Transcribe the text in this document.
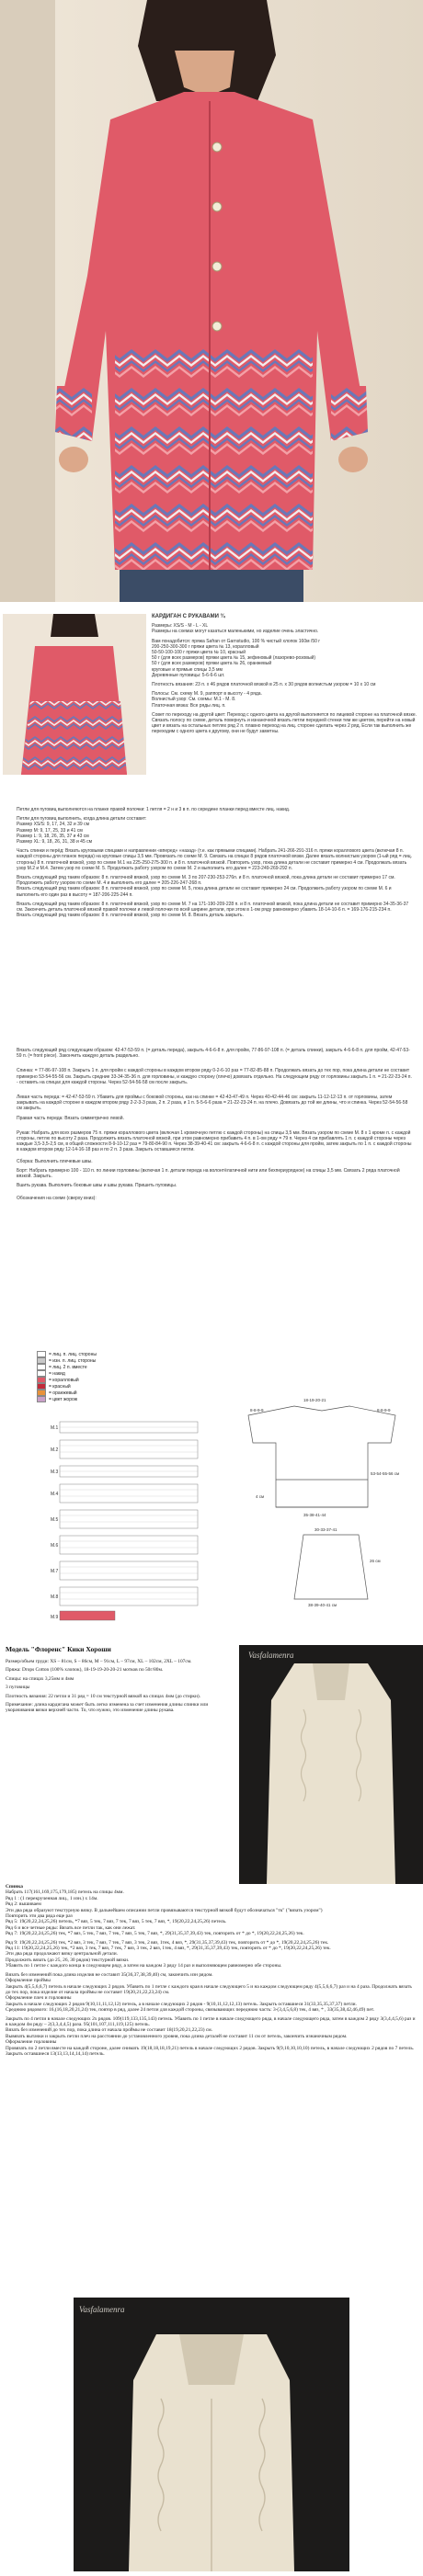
КАРДИГАН С РУКАВАМИ ¾
Размеры: XS/S - M - L - XL
Размеры на схемах могут казаться маленькими, но изделие очень эластично.
Вам понадобится: пряжа Safran от Garnstudio, 100 % чистый хлопок 160м /50 г
200-250-300-300 г пряжи цвета № 13, коралловый
50-50-100-100 г пряжи цвета № 10, красный
50 г (для всех размеров) пряжи цвета № 15, зефиновый (лазорево-розовый)
50 г (для всех размеров) пряжи цвета № 26, оранжевый
круговые и прямые спицы 3,5 мм
Деревянные пуговицы: 5-6-6-6 шт.
Плотность вязания: 23 п. x 46 рядов платочной вязкой в 25 п. x 30 рядов волнистым узором = 10 x 10 см
Полосы: См. схему М. 9, раппорт в высоту - 4 ряда.
Волнистый узор: См. схемы: M.1 - M. 8.
Платочная вязка: Все ряды лиц. п.
Совет по переходу на другой цвет: Переход с одного цвета на другой выполняется по лицевой стороне на платочной вязке. Связать полосу по схеме, деталь повернуть и изнаночной вязать петли передней стенки тем же цветом, перейти на новый цвет и вязать на остальных петлях ряд 2 п. плавно переход на лиц. стороне сделать через 2 ряд. Если так выполнить же переходим с одного цвета к другому, они не будут заметны.
Петли для пуговиц выполняются на планке правой полочки: 1 петля = 2 н и 3 в п. по середине планки перед вместе лиц. накид.
Петли для пуговиц выполнить, когда длина детали составит:
Размер XS/S: 9, 17, 24, 32 и 39 см
Размер M: 9, 17, 25, 33 и 41 см
Размер L: 9, 18, 26, 35, 37 и 43 см
Размер XL: 9, 18, 26, 31, 38 и 45 см
Часть спинки и перёд: Вязать круговыми спицами и направлении «вперед» «назад» (т.е. как прямыми спицами). Набрать 241-266-291-316 п. пряжи кораллового цвета (включая 8 п. каждой стороны для планок переда) на круговые спицы 3,5 мм. Провязать по схеме М. 9. Связать на спицах 8 рядов платочной вязки. Далее вязать волнистым узором (1-ый ряд = лиц. стороны) 8 п. платочной вязкой, узор по схеме М.1 на 225-250-275-300 п. и 8 п. платочной вязкой. Повторить узор, пока длина детали не составит примерно 4 см. Продолжать вязать узор М.2 и М.4. Затем узор по схеме М. 5. Продолжать работу узором по схеме М. 2 и выполнить его далее = 223-249-269-292 п.
Вязать следующий ряд таким образом: 8 п. платочной вязкой, узор по схеме М. 3 по 207-230-253-276п. и 8 п. платочной вязкой, пока длина детали не составит примерно 17 см. Продолжить работу узором по схеме М. 4 и выполнить его далее = 205-226-247-268 п.
Вязать следующий ряд таким образом: 8 п. платочной вязкой, узор по схеме М. 5, пока длина детали не составит примерно 24 см. Продолжить работу узором по схеме М. 6 и выполнить его один раз в высоту = 187-206-225-244 п.
Вязать следующий ряд таким образом: 8 п. платочной вязкой, узор по схеме М. 7 на 171-190-209-228 п. и 8 п. платочной вязкой, пока длина детали не составит примерно 34-35-36-37 см. Закончить деталь платочной вязкой правой полочки и левой полочки по всей ширине детали, при этом в 1-ом ряду равномерно убавить 18-14-10-6 п. = 169-176-215-234 п.
Вязать следующий ряд таким образом: 8 п. платочной вязкой, узор по схеме М. 8. Вязать деталь закрыть.
Вязать следующий ряд следующим образом: 42-47-53-59 п. (= деталь переда), закрыть 4-6-6-8 п. для пройм, 77-86-97-108 п. (= деталь спинки), закрыть 4-6-6-8 п. для пройм, 42-47-53-59 п. (= front piece). Закончить каждую деталь раздельно.
Спинка: = 77-86-97-108 п. Закрыть 1 п. для пройм с каждой стороны в каждом втором ряду 0-2-6-10 раз = 77-82-85-88 п. Продолжать вязать до тех пор, пока длина детали не составит примерно 53-54-55-56 см. Закрыть средние 33-34-35-36 п. для горловины, и каждую сторону (плечо) довязать отдельно. На следующем ряду от горловины закрыть 1 п. = 21-22-23-24 п. - оставить на спицах для каждой стороны. Через 52-54-56-58 см после закрыть.
Левая часть переда: = 42-47-53-59 п. Убавить для проймы с боковой стороны, как на спинке = 42-43-47-49 п. Через 40-42-44-46 см: закрыть 11-12-12-13 п. от горловины, затем закрывать на каждой стороне в каждом втором ряду 2-2-3-3 раза, 2 п. 2 раза, и 1 п. 5-5-6-6 раза = 21-22-23-24 п. на плечо. Довязать до той же длины, что и спинка. Через 52-54-56-58 см закрыть.
Правая часть переда: Вязать симметрично левой.
Рукав: Набрать для всех размеров 75 п. пряжи кораллового цвета (включая 1 кромочную петлю с каждой стороны) на спицы 3,5 мм. Вязать узором по схеме М. 8 x 1 кроме п. с каждой стороны, петлю по высоту 2 раза. Продолжить вязать платочной вязкой, при этом равномерно прибавить 4 п. в 1-ом ряду = 79 п. Через 4 см прибавлять 1 п. с каждой стороны через каждые 3,5-3,5-2,5 см, в общей сложности 8-9-10-12 раз = 79-80-84-90 п. Через 38-39-40-41 см: закрыть 4-6-6-8 п. с каждой стороны для пройм, затем закрыть по 1 п. с каждой стороны в каждом втором ряду 12-14-16-18 раз и по 2 п. 3 раза. Закрыть оставшиеся петли.
Сборка: Выполнить плечевые швы.
Борт: Набрать примерно 100 - 110 п. по линии горловины (включая 1 п. детали переда на волонтёлатичной нити или бехпериурядное) на спицы 3,5 мм. Связать 2 ряда платочной вязкой. Закрыть.
Вшить рукава. Выполнить боковые швы и швы рукава. Пришить пуговицы.
Обозначения на схеме (сверху вниз):
= лиц. п. лиц. стороны
= изн. п. лиц. стороны
= лиц. 2 п. вместе
= накид
= коралловый
= красный
= оранжевый
= цвет жорож
M.1
M.2
M.3
M.4
M.5
M.6
M.7
M.8
M.9
18-19-20-21
8-8-9-9
53-54-55-56 см
8-8-9-9
35-38-41-44
4 см
30-33-37-41
26 см
38-39-40-41 см
Vasfalamenra
Модель "Флоренс" Кики Хороши
Размер/объем груди: XS – 81см, S – 86см, M – 91см, L – 97см, XL – 102см, 2XL – 107см.
Пряжа: Drops Cotton (100% хлопок), 18-19-19-20-20-21 мотков по 50г/80м.
Спицы: на спицах 3,25мм и 4мм
3 пуговицы
Плотность вязания: 22 петли и 31 ряд = 10 см текстурной вязкой на спицах 4мм (до стирки).
Примечание: длина кардигана может быть легко изменена за счет изменения длины спинки или укорачивания вязки верхней части. То, что нужно, это изменение длины рукава.
Спинка
Набрать 117(161,169,175,179,185) петель на спицы 4мм.
Ряд 1 : (1 перекрученная лиц., 1 изн.) х 14м.
Ряд 2: вышиваем
Эти два ряда образуют текстурную вязку. В дальнейшем описании петли провязываются текстурной вязкой будут обозначаться "тк" ("вязать узором")
Повторить эти два ряда еще раз
Ряд 5: 19(20,22,24,25,26) петель, *7 вяз, 5 тек, 7 вяз, 7 тек, 7 вяз, 5 тек, 7 вяз, *, 19(20,22,24,25,26) петель.
Ряд 6 и все четные ряды: Вязать все петли так, как они лежат.
Ряд 7: 19(20,22,24,25,26) тек, *7 вяз, 5 тек, 7 вяз, 7 тек, 7 вяз, 5 тек, 7 вяз, *, 29(31,35,37,39,43) тек, повторить от * до *, 19(20,22,24,25,26) тек.
Ряд 9: 19(20,22,24,25,26) тек, *2 вяз, 3 тек, 7 вяз, 7 тек, 7 вяз, 3 тек, 2 вяз, 1тек, 4 вяз, *, 29(31,35,37,39,43) тек, повторить от * до *, 19(20,22,24,25,26) тек.
Ряд 11: 19(20,22,24,25,26) тек, *2 вяз, 3 тек, 7 вяз, 7 тек, 7 вяз, 3 тек, 2 вяз, 1тек, 4 вяз, *, 29(31,35,37,39,43) тек, повторить от * до *, 19(20,22,24,25,26) тек.
Эти два ряда продолжают вязку центральной детали.
Продолжить вязать (до 25, 26, 30 рядов) текстурной вязки.
Убавить по 1 петле с каждого конца в следующем ряду, а затем на каждом 3 ряду 14 раз и выполняющем равномерно обе стороны.
Вязать без изменений пока длина изделия не составит 35(36,37,38,39,40) см, закончить изн рядом.
Оформление проймы
Закрыть 4(5,5,6,6,7) петель в начале следующих 2 рядов. Убавить по 1 петле с каждого края в начале следующего 5 и на каждом следующем ряду 4(5,5,6,6,7) раз и на 4 раза. Продолжать вязать до тех пор, пока изделие от начала проймы не составит 19(20,21,22,23,24) см.
Оформление плеч и горловины
Закрыть в начале следующих 2 рядов 9(10,11,11,12,12) петель, а в начале следующих 2 рядов - 9(10,11,12,12,13) петель. Закрыть оставшиеся 31(33,35,35,37,37) петли.
Среднюю рядового: 16,(16,18,20,21,24) тек, повтор в ряд, далее 24 петли для каждой стороны, связывающих переднюю часть: 3-(3,4,5,6,8) тек, 4 вяз, * , 33(35,38,42,46,49) пет.
Закрыть по 4 петли в начале следующих 2х рядов. 109(119,133,135,143) петель. Убавить по 1 петле в начале следующего ряда, в начале следующего ряда, затем в каждом 2 ряду 3(3,4,4,5,6) раз и в каждом 4м ряду – 2(3,3,4,4,5) раза. 95(101,107,111,119,125) петель.
Вязать без изменений до тех пор, пока длина от начала проймы не составит 18(19,20,21,22,23) см.
Вывязать вытачки и закрыть петли плеч на расстоянии до установленного уровня, пока длина деталей не составит 11 см от петель, закончить изнаночным рядом.
Оформление горловины
Провязать по 2 петли вместе на каждой стороне, далее снимать 19(18,18,18,19,21) петель в начале следующих 2 рядов. Закрыть 9(9,10,10,10,10) петель, в начале следующих 2 рядов по 7 петель. Закрыть оставшиеся 13(13,13,14,14,14) петель.
Vasfalamenra
